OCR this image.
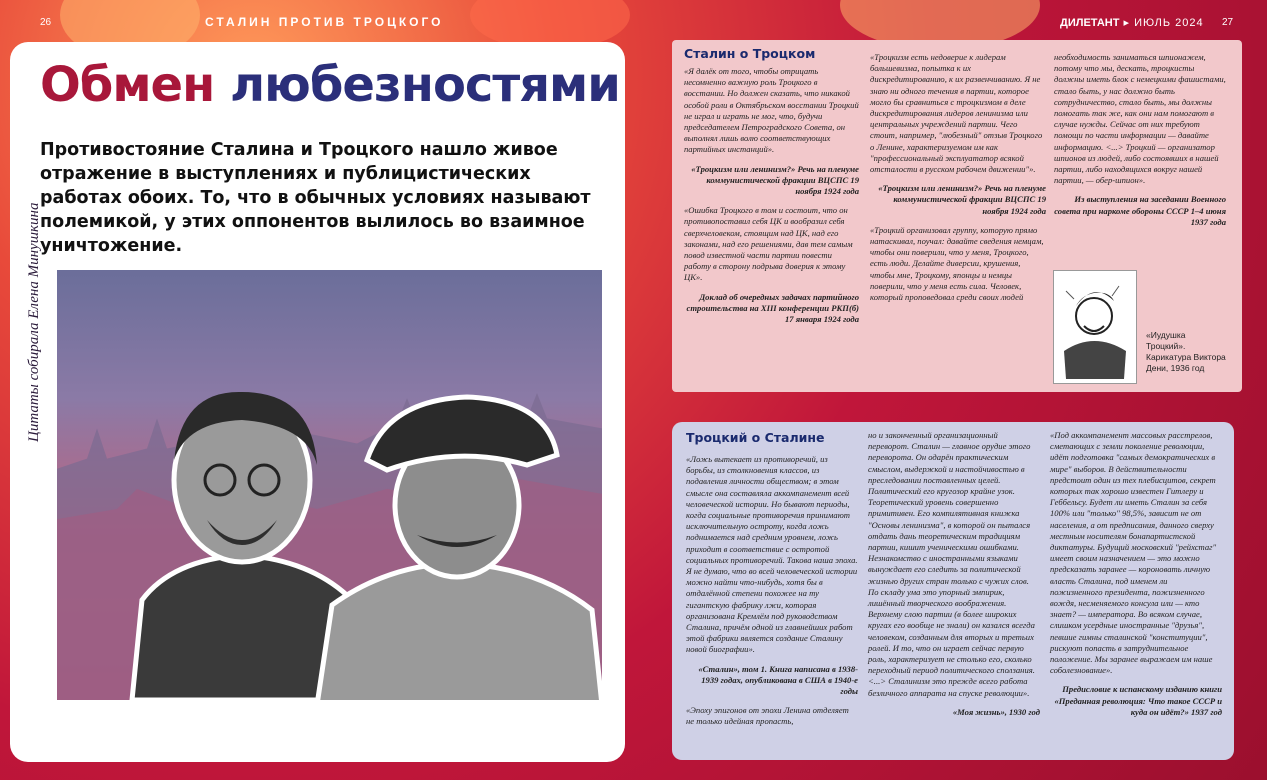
26	СТАЛИН ПРОТИВ ТРОЦКОГО	ДИЛЕТАНТ ▸ ИЮЛЬ 2024 27
Обмен любезностями
Противостояние Сталина и Троцкого нашло живое отражение в выступлениях и публицистических работах обоих. То, что в обычных условиях называют полемикой, у этих оппонентов вылилось во взаимное уничтожение.
Цитаты собирала Елена Минушкина
Сталин о Троцком

«Я далёк от того, чтобы отрицать несомненно важную роль Троцкого в восстании. Но должен сказать, что никакой особой роли в Октябрьском восстании Троцкий не играл и играть не мог, что, будучи председателем Петроградского Совета, он выполнял лишь волю соответствующих партийных инстанций».

«Троцкизм или ленинизм?» Речь на пленуме коммунистической фракции ВЦСПС 19 ноября 1924 года

«Ошибка Троцкого в том и состоит, что он противопоставил себя ЦК и вообразил себя сверхчеловеком, стоящим над ЦК, над его законами, над его решениями, дав тем самым повод известной части партии повести работу в сторону подрыва доверия к этому ЦК».

Доклад об очередных задачах партийного строительства на XIII конференции РКП(б) 17 января 1924 года

«Троцкизм есть недоверие к лидерам большевизма, попытка к их дискредитированию, к их развенчиванию. Я не знаю ни одного течения в партии, которое могло бы сравниться с троцкизмом в деле дискредитирования лидеров ленинизма или центральных учреждений партии. Чего стоит, например, "любезный" отзыв Троцкого о Ленине, характеризуемом им как "профессиональный эксплуататор всякой отсталости в русском рабочем движении"».

«Троцкизм или ленинизм?» Речь на пленуме коммунистической фракции ВЦСПС 19 ноября 1924 года

«Троцкий организовал группу, которую прямо натаскивал, поучал: давайте сведения немцам, чтобы они поверили, что у меня, Троцкого, есть люди. Делайте диверсии, крушения, чтобы мне, Троцкому, японцы и немцы поверили, что у меня есть сила. Человек, который проповедовал среди своих людей

необходимость заниматься шпионажем, потому что мы, дескать, троцкисты должны иметь блок с немецкими фашистами, стало быть, у нас должно быть сотрудничество, стало быть, мы должны помогать так же, как они нам помогают в случае нужды. Сейчас от них требуют помощи по части информации — давайте информацию. <...> Троцкий — организатор шпионов из людей, либо состоявших в нашей партии, либо находящихся вокруг нашей партии, — обер-шпион».

Из выступления на заседании Военного совета при наркоме обороны СССР 1–4 июня 1937 года

«Иудушка Троцкий». Карикатура Виктора Дени, 1936 год
Троцкий о Сталине

«Ложь вытекает из противоречий, из борьбы, из столкновения классов, из подавления личности обществом; в этом смысле она составляла аккомпанемент всей человеческой истории. Но бывают периоды, когда социальные противоречия принимают исключительную остроту, когда ложь поднимается над средним уровнем, ложь приходит в соответствие с остротой социальных противоречий. Такова наша эпоха. Я не думаю, что во всей человеческой истории можно найти что-нибудь, хотя бы в отдалённой степени похожее на ту гигантскую фабрику лжи, которая организована Кремлём под руководством Сталина, причём одной из главнейших работ этой фабрики является создание Сталину новой биографии».

«Сталин», том 1. Книга написана в 1938-1939 годах, опубликована в США в 1940-е годы

«Эпоху эпигонов от эпохи Ленина отделяет не только идейная пропасть,

но и законченный организационный переворот. Сталин — главное орудие этого переворота. Он одарён практическим смыслом, выдержкой и настойчивостью в преследовании поставленных целей. Политический его кругозор крайне узок. Теоретический уровень совершенно примитивен. Его компилятивная книжка "Основы ленинизма", в которой он пытался отдать дань теоретическим традициям партии, кишит ученическими ошибками. Незнакомство с иностранными языками вынуждает его следить за политической жизнью других стран только с чужих слов. По складу ума это упорный эмпирик, лишённый творческого воображения. Верхнему слою партии (в более широких кругах его вообще не знали) он казался всегда человеком, созданным для вторых и третьих ролей. И то, что он играет сейчас первую роль, характеризует не столько его, сколько переходный период политического сползания. <...> Сталинизм это прежде всего работа безличного аппарата на спуске революции».

«Моя жизнь», 1930 год

«Под аккомпанемент массовых расстрелов, сметающих с земли поколение революции, идёт подготовка "самых демократических в мире" выборов. В действительности предстоит один из тех плебисцитов, секрет которых так хорошо известен Гитлеру и Геббельсу. Будет ли иметь Сталин за себя 100% или "только" 98,5%, зависит не от населения, а от предписания, данного сверху местным носителям бонапартистской диктатуры. Будущий московский "рейхстаг" имеет своим назначением — это можно предсказать заранее — короновать личную власть Сталина, под именем ли пожизненного президента, пожизненного вождя, несменяемого консула или — кто знает? — императора. Во всяком случае, слишком усердные иностранные "друзья", певшие гимны сталинской "конституции", рискуют попасть в затруднительное положение. Мы заранее выражаем им наше соболезнование».

Предисловие к испанскому изданию книги «Преданная революция: Что такое СССР и куда он идёт?» 1937 год
